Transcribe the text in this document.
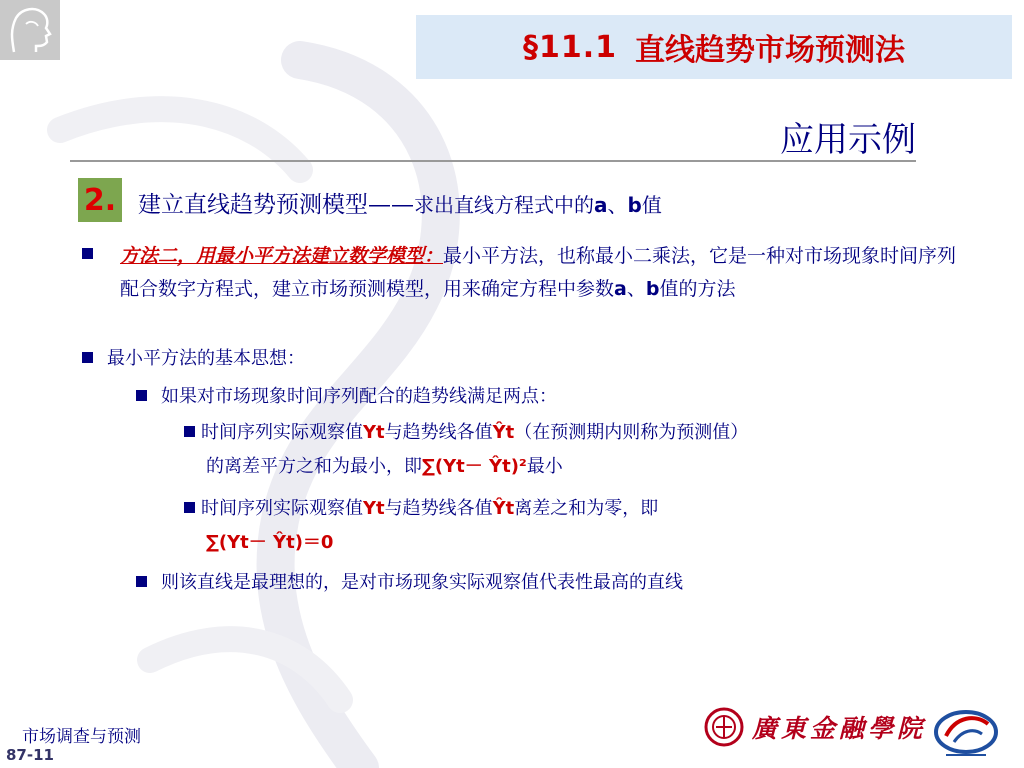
§11.1 直线趋势市场预测法
应用示例
2. 建立直线趋势预测模型——求出直线方程式中的a、b值
方法二，用最小平方法建立数学模型：最小平方法，也称最小二乘法，它是一种对市场现象时间序列配合数字方程式，建立市场预测模型，用来确定方程中参数a、b值的方法
最小平方法的基本思想：
如果对市场现象时间序列配合的趋势线满足两点：
时间序列实际观察值Yt与趋势线各值Ŷt（在预测期内则称为预测值）
的离差平方之和为最小，即∑(Yt－ Ŷt)²最小
时间序列实际观察值Yt与趋势线各值Ŷt离差之和为零，即
∑(Yt－ Ŷt)＝0
则该直线是最理想的，是对市场现象实际观察值代表性最高的直线
市场调查与预测
87-11
廣東金融學院
